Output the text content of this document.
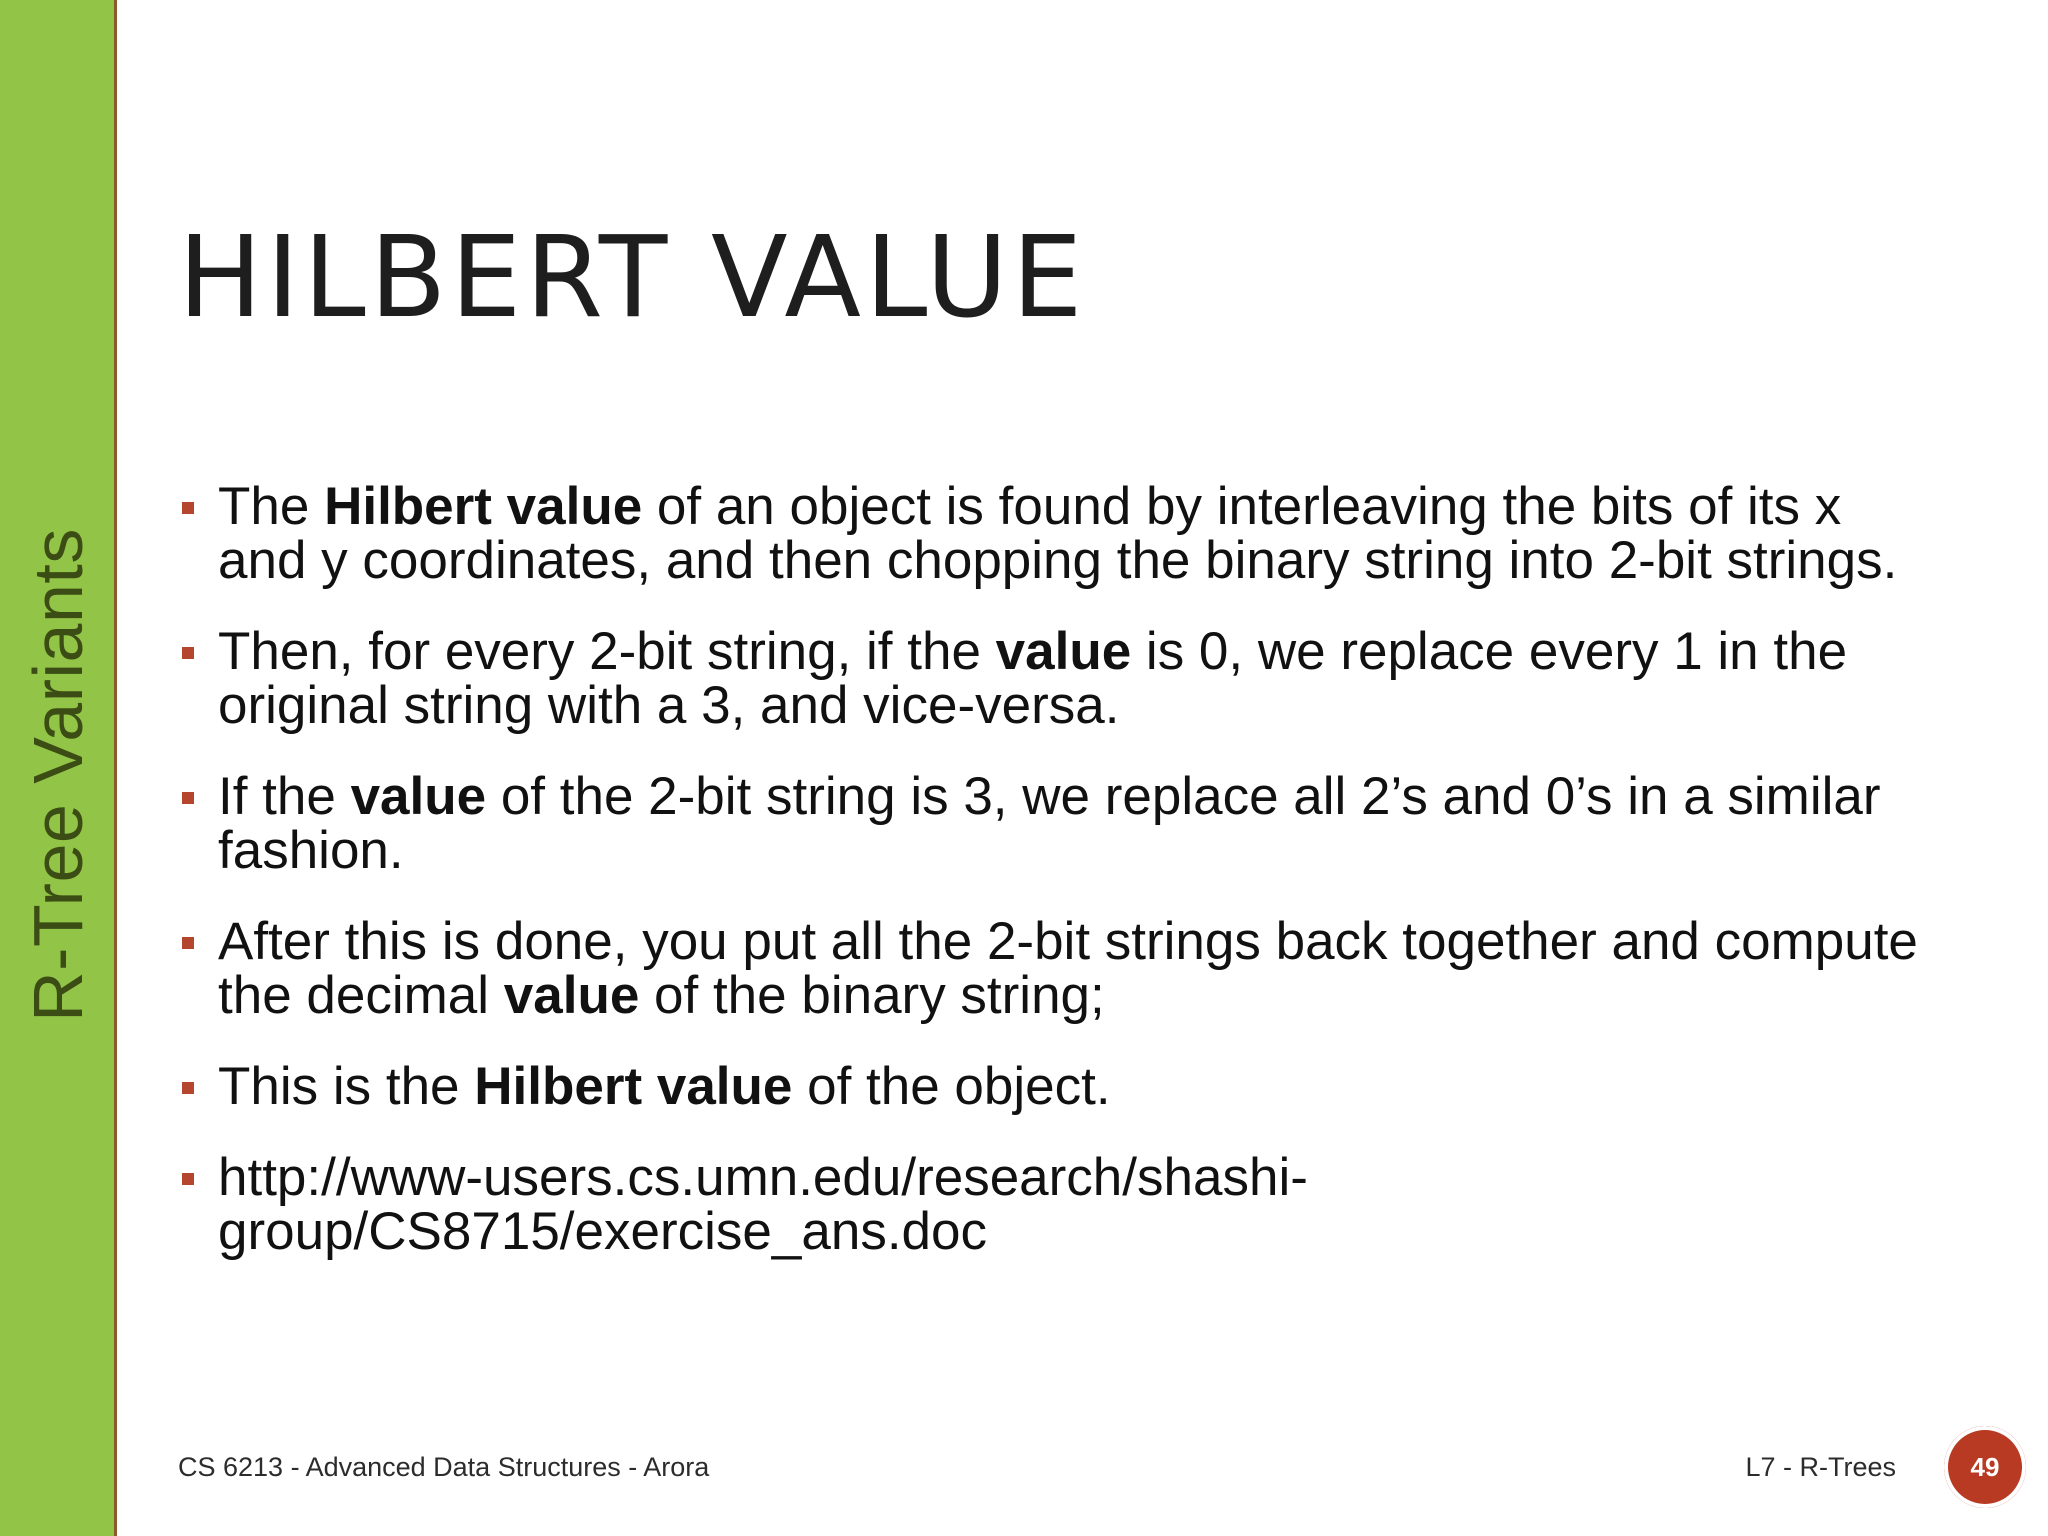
R-Tree Variants
HILBERT VALUE
The Hilbert value of an object is found by interleaving the bits of its x and y coordinates, and then chopping the binary string into 2-bit strings.
Then, for every 2-bit string, if the value is 0, we replace every 1 in the original string with a 3, and vice-versa.
If the value of the 2-bit string is 3, we replace all 2’s and 0’s in a similar fashion.
After this is done, you put all the 2-bit strings back together and compute the decimal value of the binary string;
This is the Hilbert value of the object.
http://www-users.cs.umn.edu/research/shashi-group/CS8715/exercise_ans.doc
CS 6213 - Advanced Data Structures - Arora	L7 - R-Trees	49
